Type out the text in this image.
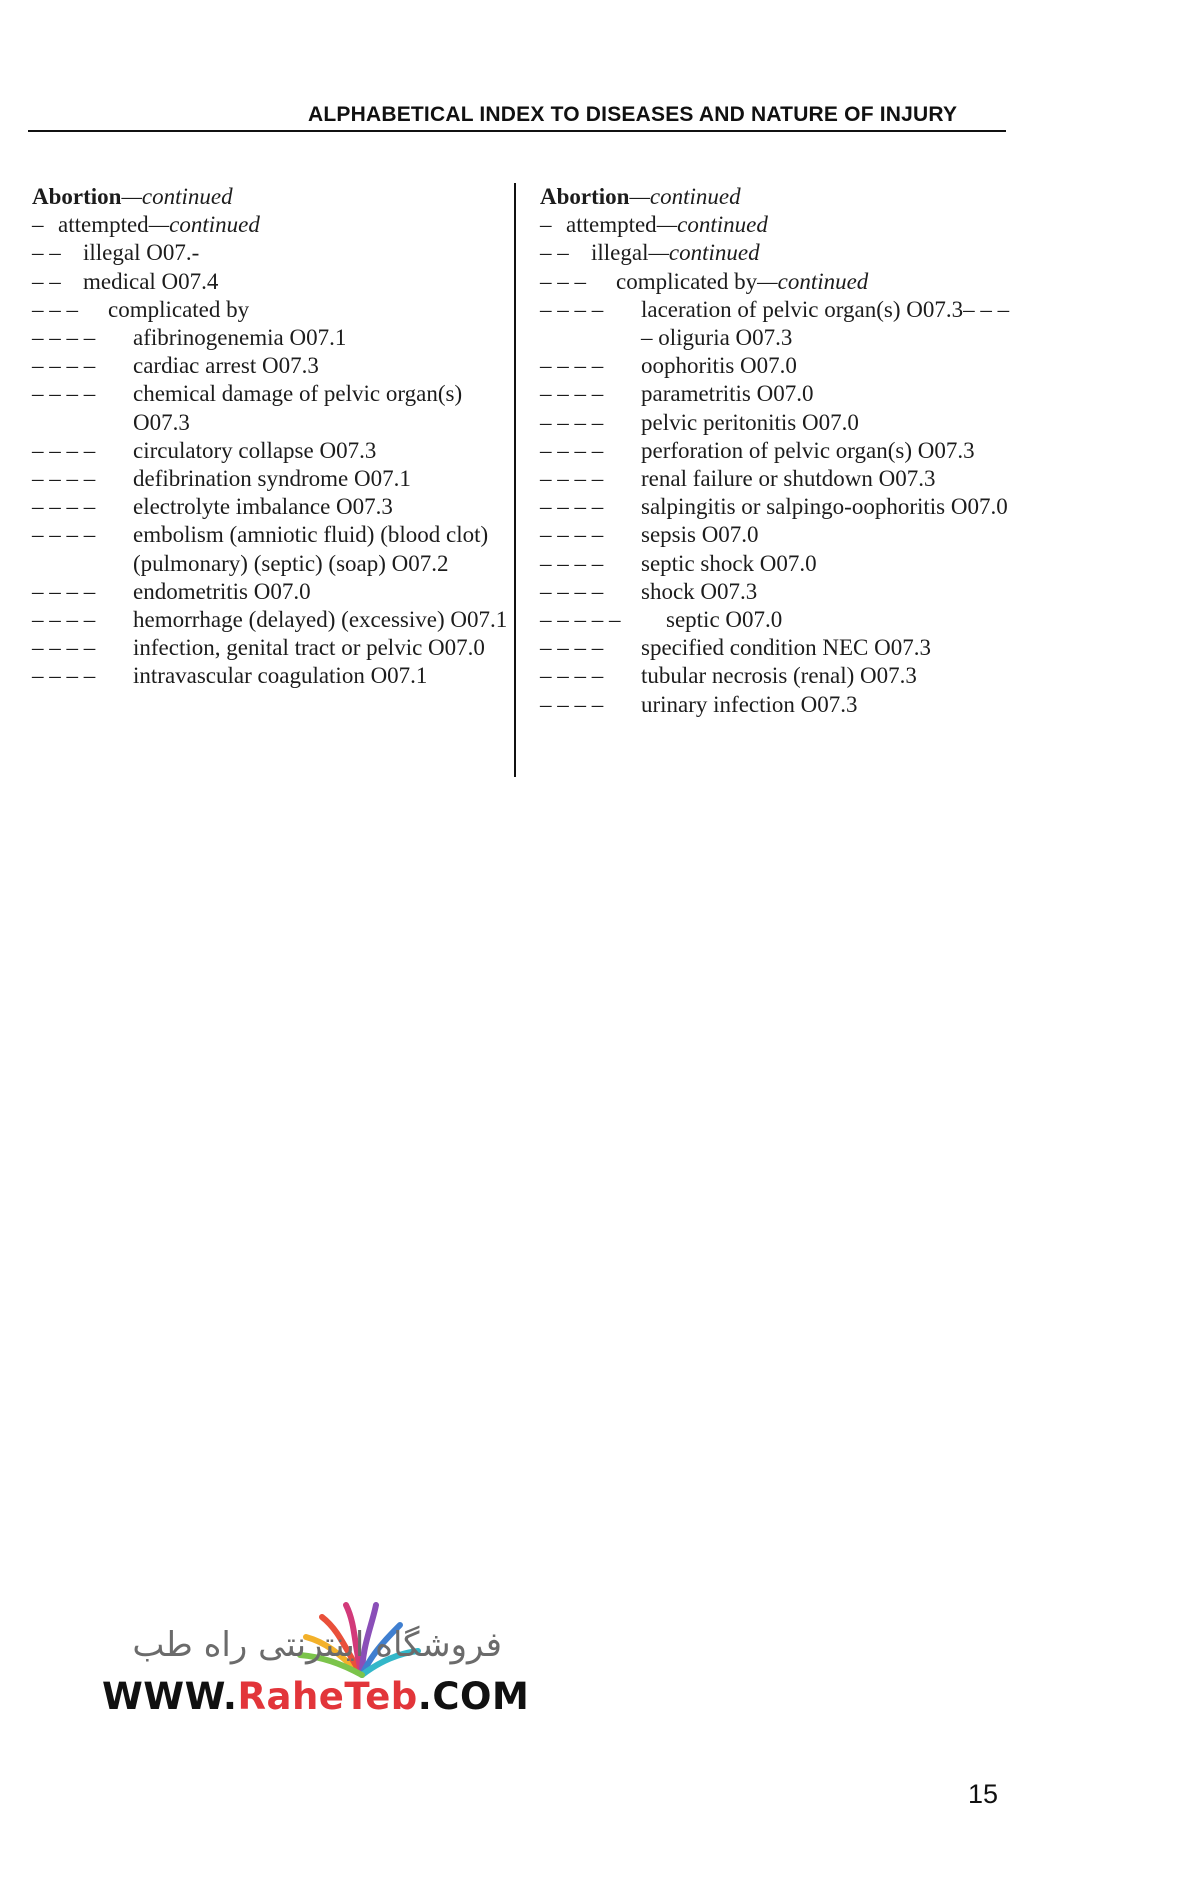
ALPHABETICAL INDEX TO DISEASES AND NATURE OF INJURY
Abortion—continued
– attempted—continued
– – illegal O07.-
– – medical O07.4
– – – complicated by
– – – – afibrinogenemia O07.1
– – – – cardiac arrest O07.3
– – – – chemical damage of pelvic organ(s) O07.3
– – – – circulatory collapse O07.3
– – – – defibrination syndrome O07.1
– – – – electrolyte imbalance O07.3
– – – – embolism (amniotic fluid) (blood clot) (pulmonary) (septic) (soap) O07.2
– – – – endometritis O07.0
– – – – hemorrhage (delayed) (excessive) O07.1
– – – – infection, genital tract or pelvic O07.0
– – – – intravascular coagulation O07.1
Abortion—continued
– attempted—continued
– – illegal—continued
– – – complicated by—continued
– – – – laceration of pelvic organ(s) O07.3– – – – oliguria O07.3
– – – – oophoritis O07.0
– – – – parametritis O07.0
– – – – pelvic peritonitis O07.0
– – – – perforation of pelvic organ(s) O07.3
– – – – renal failure or shutdown O07.3
– – – – salpingitis or salpingo-oophoritis O07.0
– – – – sepsis O07.0
– – – – septic shock O07.0
– – – – shock O07.3
– – – – – septic O07.0
– – – – specified condition NEC O07.3
– – – – tubular necrosis (renal) O07.3
– – – – urinary infection O07.3
فروشگاه اینترنتی راه طب
WWW.RaheTeb.COM
15
